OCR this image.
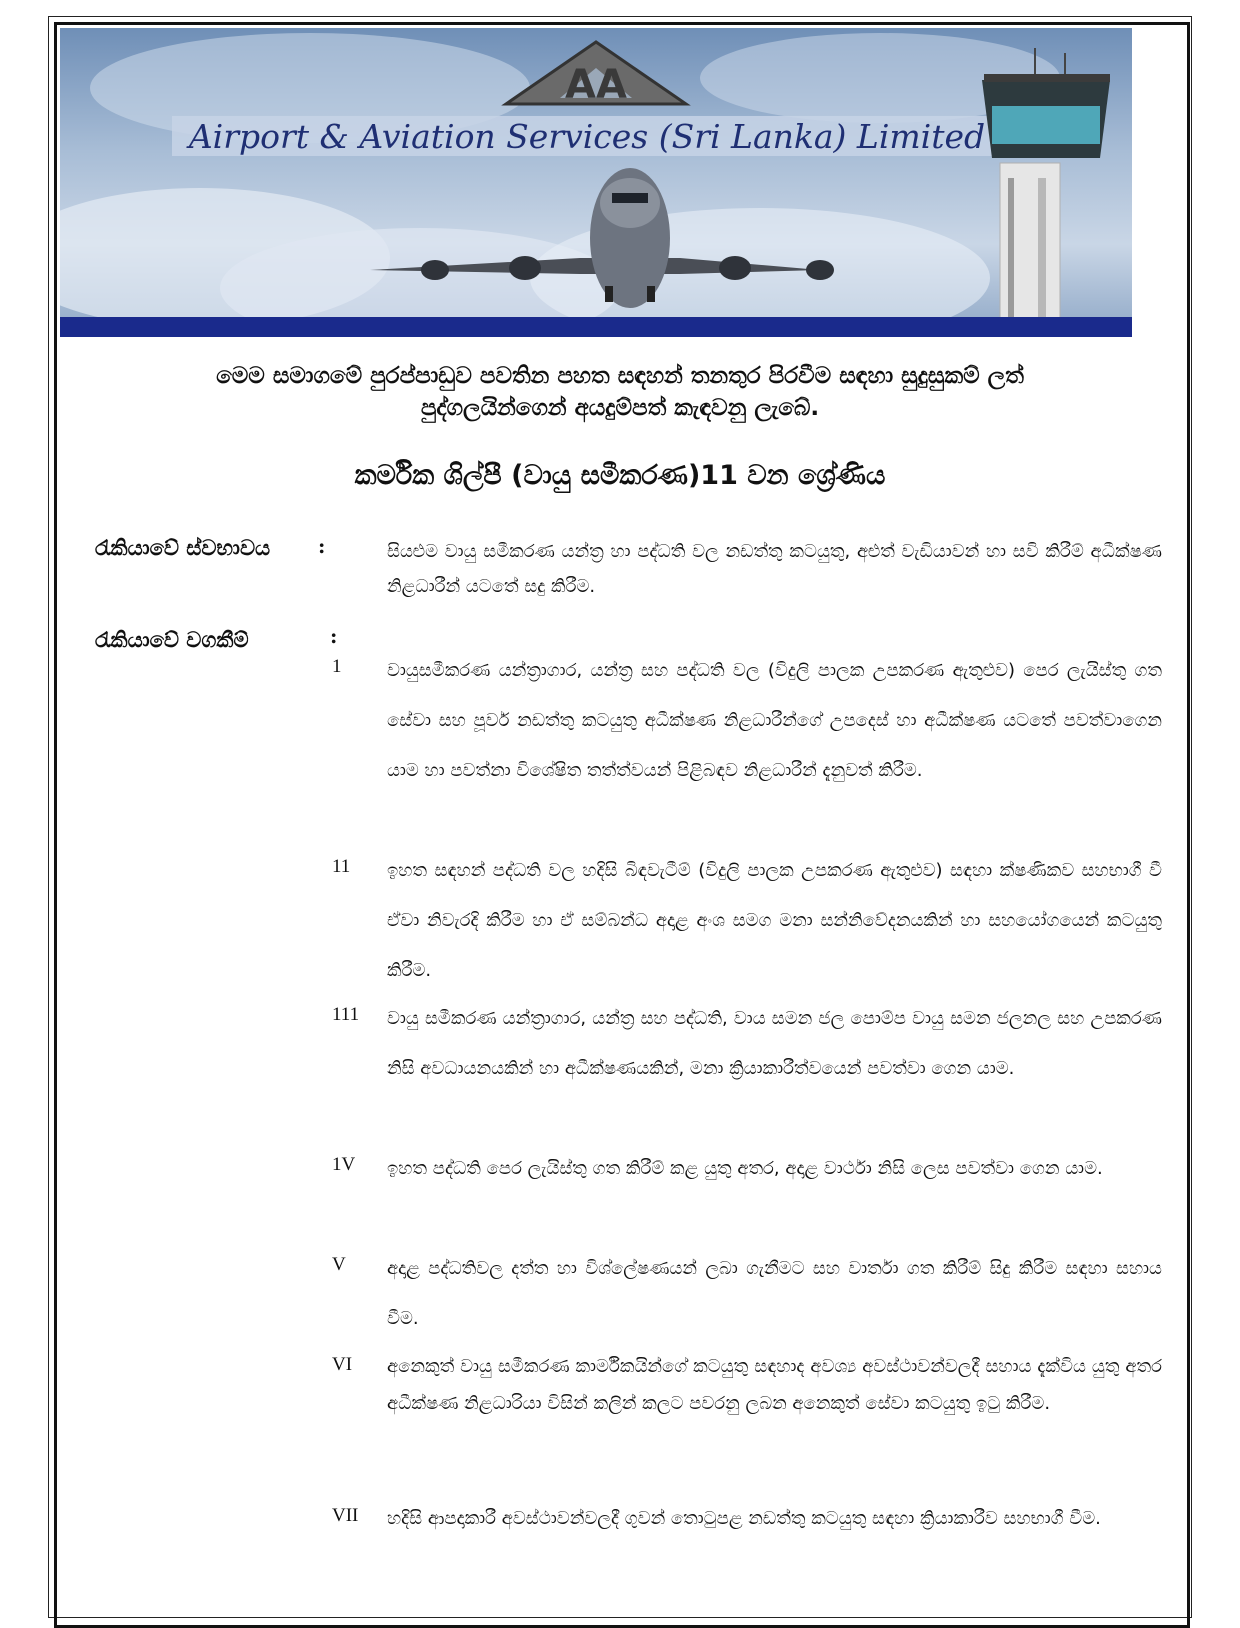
AA
Airport & Aviation Services (Sri Lanka) Limited
මෙම සමාගමේ පුරප්පාඩුව පවතින පහත සඳහන් තනතුර පිරවීම සඳහා සුදුසුකම් ලත්
පුද්ගලයින්ගෙන් අයදුම්පත් කැඳවනු ලැබේ.
කර්මික ශිල්පී (වායු සමීකරණ)11 වන ශ්‍රේණිය
රැකියාවේ ස්වභාවය :	සියළුම වායු සමීකරණ යන්ත්‍ර හා පද්ධති වල නඩත්තු කටයුතු, අළුත් වැඩියාවන් හා සවි කිරීම් අධීක්ෂණ නිළධාරීන් යටතේ සදු කිරීම.
රැකියාවේ වගකීම්	:
1	වායුසමීකරණ යන්ත්‍රාගාර, යන්ත්‍ර සහ පද්ධති වල (විදුලි පාලක උපකරණ ඇතුළුව) පෙර ලැයිස්තු ගත සේවා සහ පූර්ව නඩත්තු කටයුතු අධීක්ෂණ නිළධාරීන්ගේ උපදෙස් හා අධීක්ෂණ යටතේ පවත්වාගෙන යාම හා පවත්නා විශේෂිත තත්ත්වයන් පිළිබඳව නිළධාරීන් දැනුවත් කිරීම.
11 ඉහත සඳහන් පද්ධති වල හදිසි බිඳවැටීම් (විදුලි පාලක උපකරණ ඇතුළුව) සඳහා ක්ෂණිකව සහභාගී වී ඒවා නිවැරදි කිරීම හා ඒ සම්බන්ධ අදාළ අංශ සමග මනා සන්නිවේදනයකින් හා සහයෝගයෙන් කටයුතු කිරීම.
111 වායු සමීකරණ යන්ත්‍රාගාර, යන්ත්‍ර සහ පද්ධති, වාය සමන ජල පොම්ප වායු සමන ජලනල සහ උපකරණ නිසි අවධායනයකින් හා අධීක්ෂණයකින්, මනා ක්‍රියාකාරීත්වයෙන් පවත්වා ගෙන යාම.
1V ඉහත පද්ධති පෙර ලැයිස්තු ගත කිරීම් කළ යුතු අතර, අදාළ වාර්ථා නිසි ලෙස පවත්වා ගෙන යාම.
V අදාළ පද්ධතිවල දත්ත හා විශ්ලේෂණයන් ලබා ගැනීමට සහ වාර්තා ගත කිරීම් සිදු කිරීම සඳහා සහාය වීම.
VI අනෙකුත් වායු සමීකරණ කාර්මිකයින්ගේ කටයුතු සඳහාද අවශ්‍ය අවස්ථාවන්වලදී සහාය දැක්විය යුතු අතර අධීක්ෂණ නිළධාරියා විසින් කලින් කලට පවරනු ලබන අනෙකුත් සේවා කටයුතු ඉටු කිරීම.
VII හදිසි ආපදාකාරී අවස්ථාවන්වලදී ගුවන් තොටුපළ නඩත්තු කටයුතු සඳහා ක්‍රියාකාරීව සහභාගී වීම.
